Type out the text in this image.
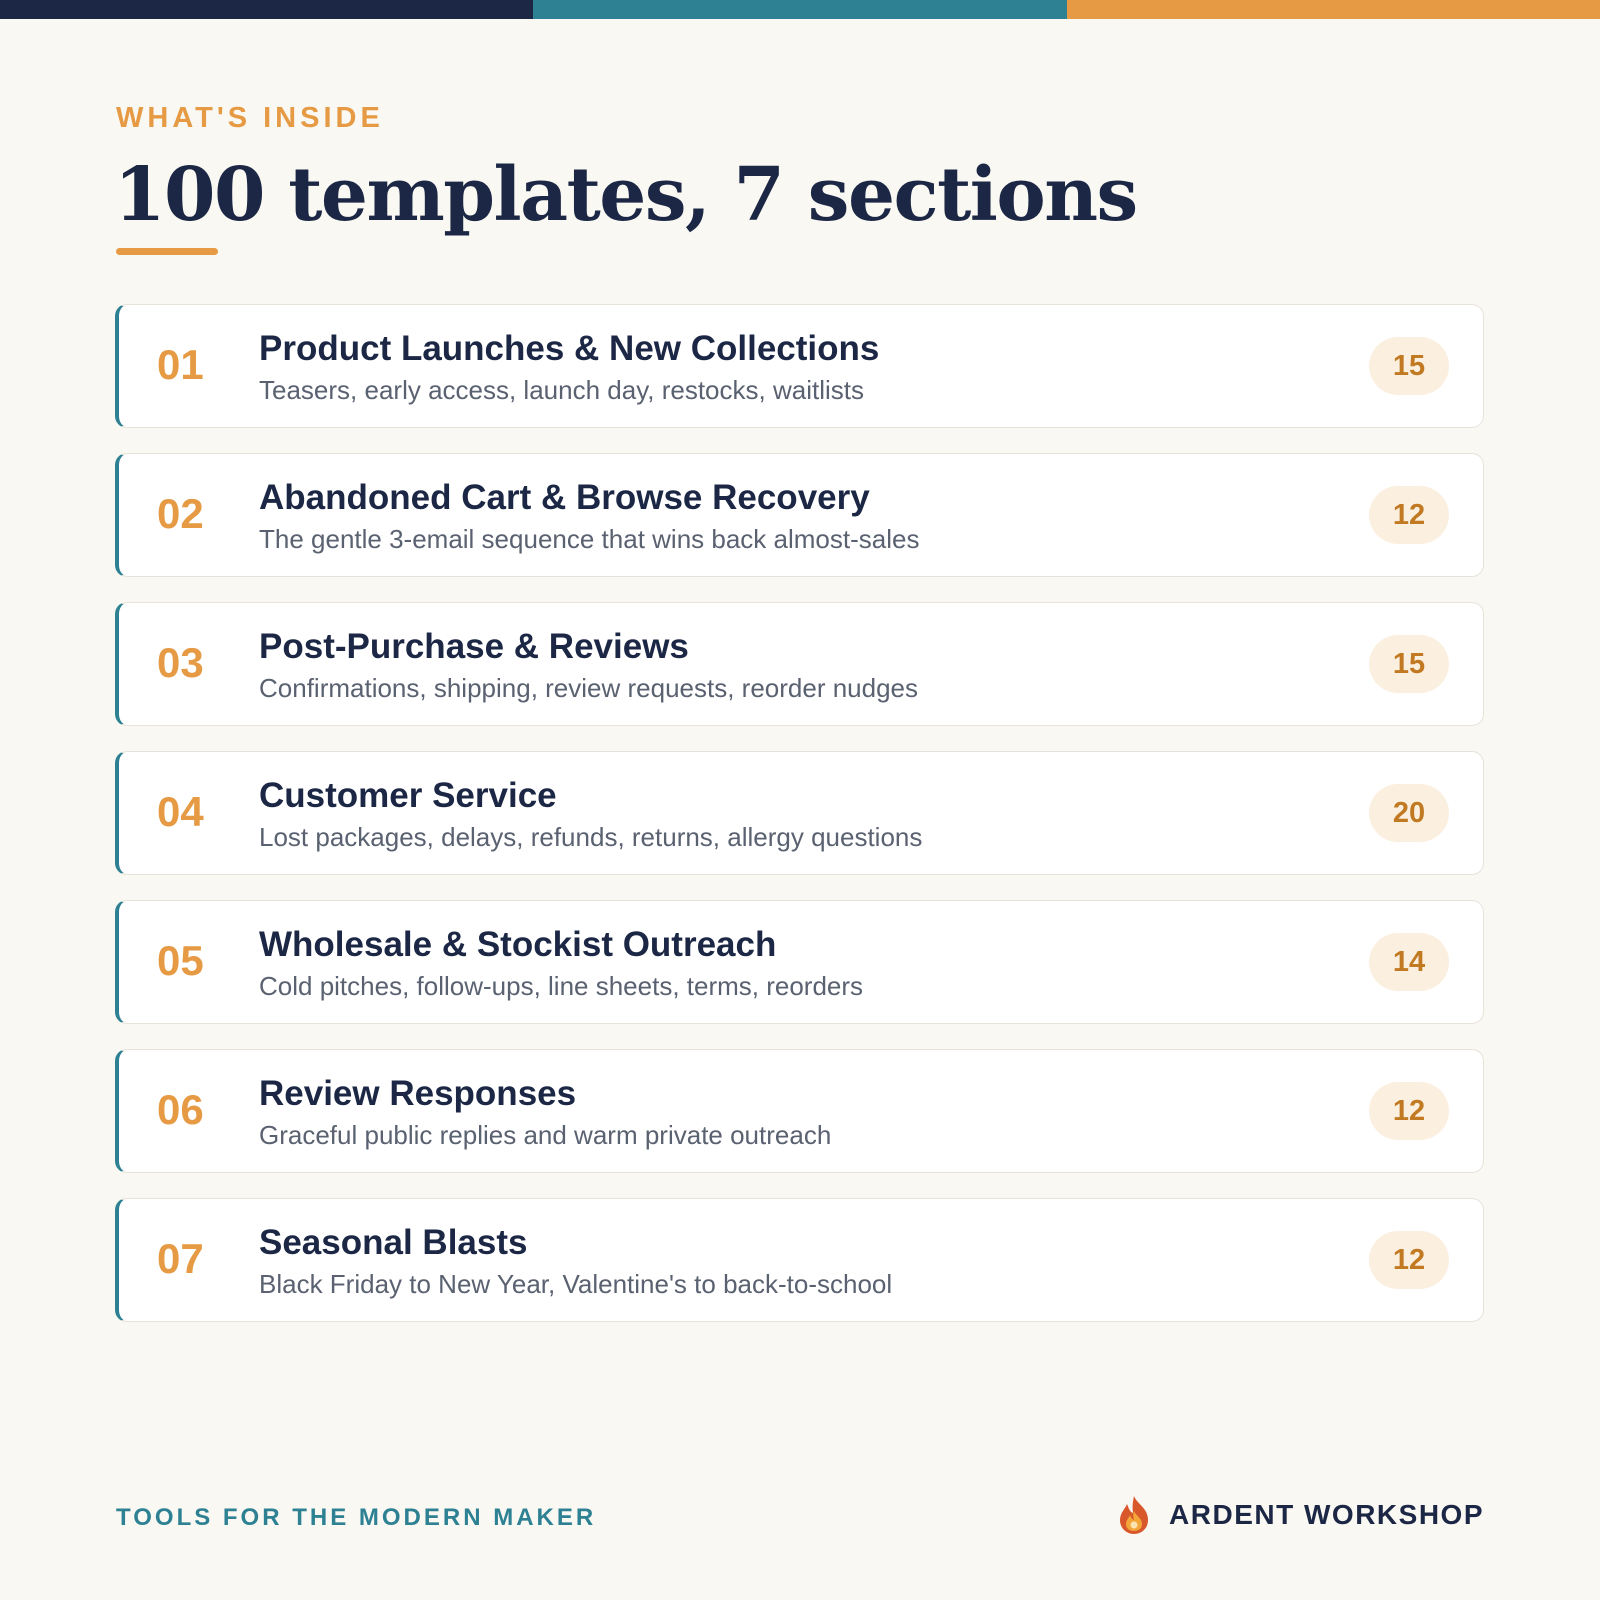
WHAT'S INSIDE
100 templates, 7 sections
01 Product Launches & New Collections
Teasers, early access, launch day, restocks, waitlists
15
02 Abandoned Cart & Browse Recovery
The gentle 3-email sequence that wins back almost-sales
12
03 Post-Purchase & Reviews
Confirmations, shipping, review requests, reorder nudges
15
04 Customer Service
Lost packages, delays, refunds, returns, allergy questions
20
05 Wholesale & Stockist Outreach
Cold pitches, follow-ups, line sheets, terms, reorders
14
06 Review Responses
Graceful public replies and warm private outreach
12
07 Seasonal Blasts
Black Friday to New Year, Valentine's to back-to-school
12
TOOLS FOR THE MODERN MAKER	ARDENT WORKSHOP
